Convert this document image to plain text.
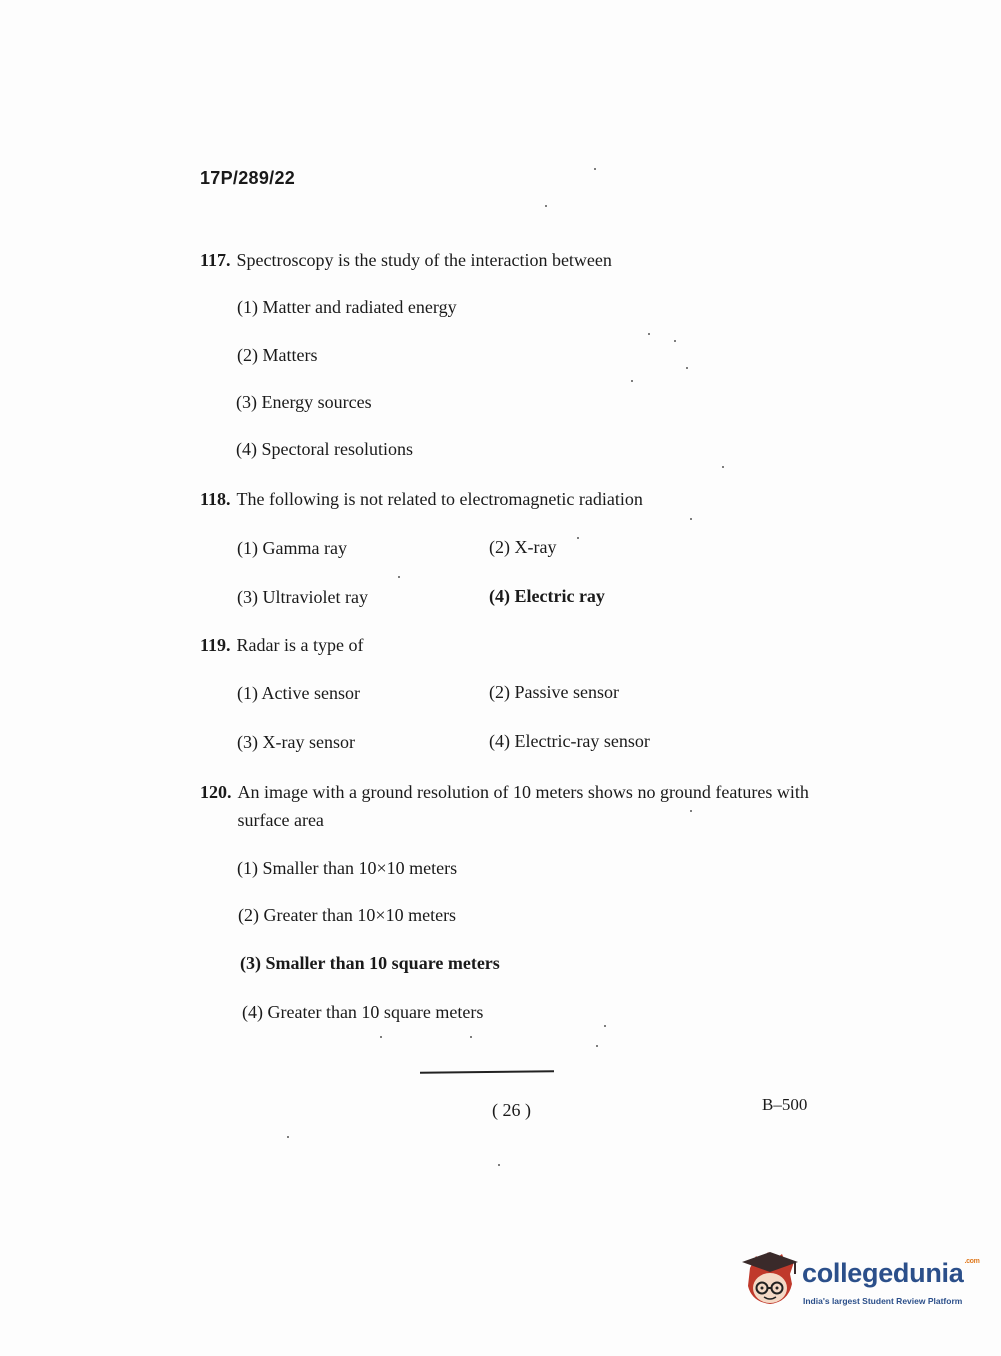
17P/289/22
117. Spectroscopy is the study of the interaction between
(1) Matter and radiated energy
(2) Matters
(3) Energy sources
(4) Spectoral resolutions
118. The following is not related to electromagnetic radiation
(1) Gamma ray	(2) X-ray
(3) Ultraviolet ray	(4) Electric ray
119. Radar is a type of
(1) Active sensor	(2) Passive sensor
(3) X-ray sensor	(4) Electric-ray sensor
120. An image with a ground resolution of 10 meters shows no ground features with surface area
(1) Smaller than 10×10 meters
(2) Greater than 10×10 meters
(3) Smaller than 10 square meters
(4) Greater than 10 square meters
( 26 )	B–500
collegedunia$^{.com}$
India's largest Student Review Platform
